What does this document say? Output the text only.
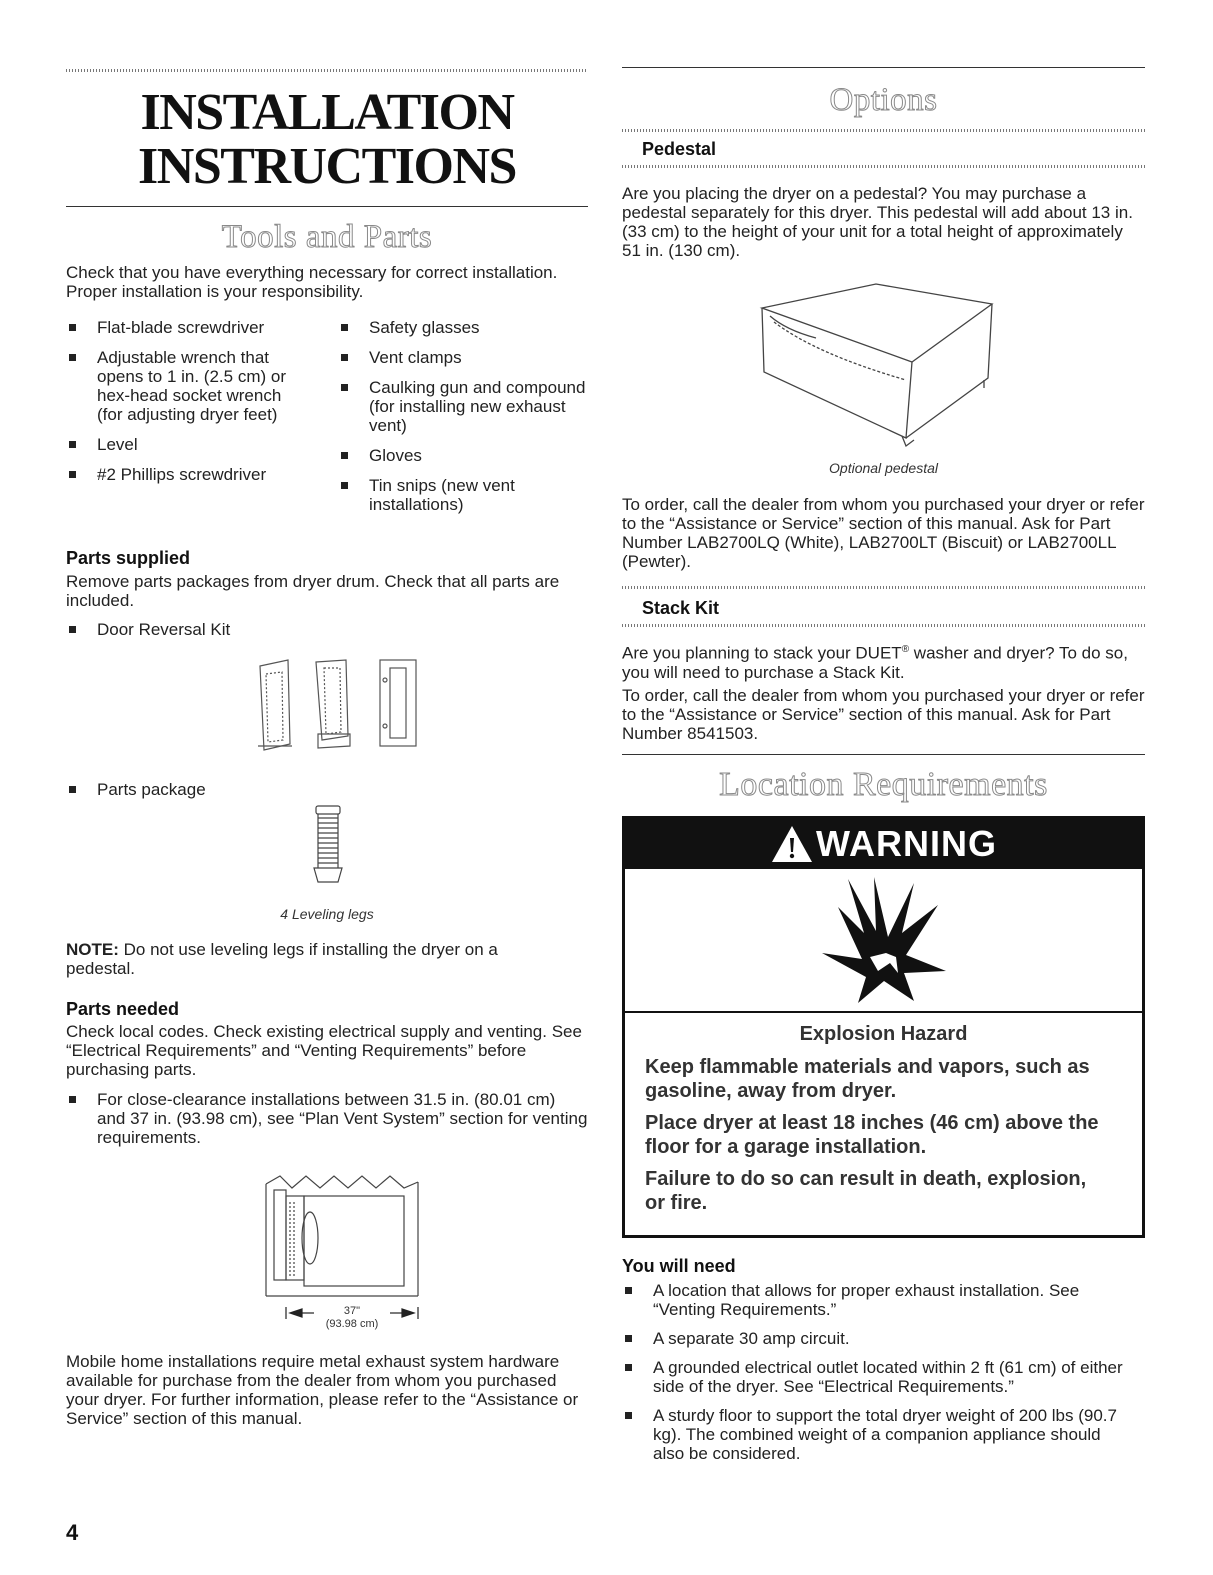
INSTALLATION
INSTRUCTIONS
Tools and Parts

Check that you have everything necessary for correct installation. Proper installation is your responsibility.

Flat-blade screwdriver
Adjustable wrench that opens to 1 in. (2.5 cm) or hex-head socket wrench (for adjusting dryer feet)
Level
#2 Phillips screwdriver
Safety glasses
Vent clamps
Caulking gun and compound (for installing new exhaust vent)
Gloves
Tin snips (new vent installations)
Parts supplied

Remove parts packages from dryer drum. Check that all parts are included.

Door Reversal Kit
Parts package
4 Leveling legs

NOTE: Do not use leveling legs if installing the dryer on a pedestal.

Parts needed

Check local codes. Check existing electrical supply and venting. See “Electrical Requirements” and “Venting Requirements” before purchasing parts.

For close-clearance installations between 31.5 in. (80.01 cm) and 37 in. (93.98 cm), see “Plan Vent System” section for venting requirements.
37"
(93.98 cm)

Mobile home installations require metal exhaust system hardware available for purchase from the dealer from whom you purchased your dryer. For further information, please refer to the “Assistance or Service” section of this manual.

4
Options
Pedestal

Are you placing the dryer on a pedestal? You may purchase a pedestal separately for this dryer. This pedestal will add about 13 in. (33 cm) to the height of your unit for a total height of approximately 51 in. (130 cm).

Optional pedestal

To order, call the dealer from whom you purchased your dryer or refer to the “Assistance or Service” section of this manual. Ask for Part Number LAB2700LQ (White), LAB2700LT (Biscuit) or LAB2700LL (Pewter).

Stack Kit

Are you planning to stack your DUET® washer and dryer? To do so, you will need to purchase a Stack Kit.

To order, call the dealer from whom you purchased your dryer or refer to the “Assistance or Service” section of this manual. Ask for Part Number 8541503.

Location Requirements
WARNING
Explosion Hazard
Keep flammable materials and vapors, such as gasoline, away from dryer.
Place dryer at least 18 inches (46 cm) above the floor for a garage installation.
Failure to do so can result in death, explosion, or fire.
You will need
A location that allows for proper exhaust installation. See “Venting Requirements.”
A separate 30 amp circuit.
A grounded electrical outlet located within 2 ft (61 cm) of either side of the dryer. See “Electrical Requirements.”
A sturdy floor to support the total dryer weight of 200 lbs (90.7 kg). The combined weight of a companion appliance should also be considered.
